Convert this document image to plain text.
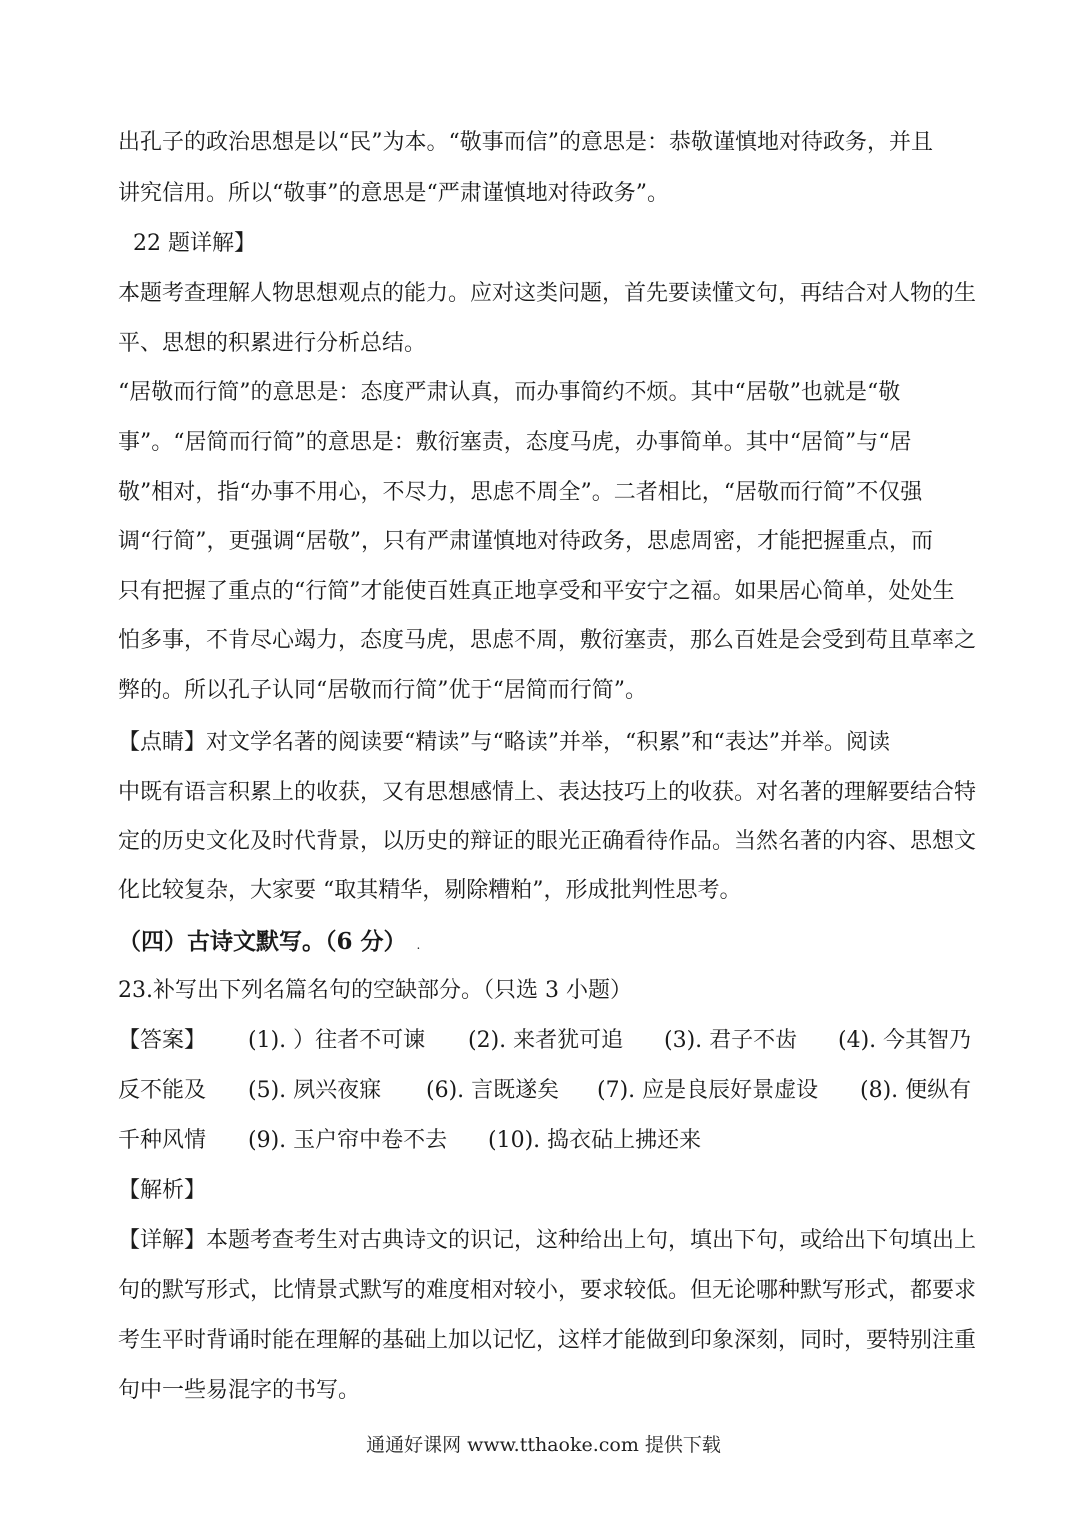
出孔子的政治思想是以“民”为本。“敬事而信”的意思是：恭敬谨慎地对待政务，并且
讲究信用。所以“敬事”的意思是“严肃谨慎地对待政务”。
22 题详解】
本题考查理解人物思想观点的能力。应对这类问题，首先要读懂文句，再结合对人物的生
平、思想的积累进行分析总结。
“居敬而行简”的意思是：态度严肃认真，而办事简约不烦。其中“居敬”也就是“敬
事”。“居简而行简”的意思是：敷衍塞责，态度马虎，办事简单。其中“居简”与“居
敬”相对，指“办事不用心，不尽力，思虑不周全”。二者相比，“居敬而行简”不仅强
调“行简”，更强调“居敬”，只有严肃谨慎地对待政务，思虑周密，才能把握重点，而
只有把握了重点的“行简”才能使百姓真正地享受和平安宁之福。如果居心简单，处处生
怕多事，不肯尽心竭力，态度马虎，思虑不周，敷衍塞责，那么百姓是会受到苟且草率之
弊的。所以孔子认同“居敬而行简”优于“居简而行简”。
【点睛】对文学名著的阅读要“精读”与“略读”并举，“积累”和“表达”并举。阅读
中既有语言积累上的收获，又有思想感情上、表达技巧上的收获。对名著的理解要结合特
定的历史文化及时代背景，以历史的辩证的眼光正确看待作品。当然名著的内容、思想文
化比较复杂，大家要 “取其精华，剔除糟粕”，形成批判性思考。
（四）古诗文默写。（6 分） .
23.补写出下列名篇名句的空缺部分。（只选 3 小题）
【答案】 (1). ）往者不可谏 (2). 来者犹可追 (3). 君子不齿 (4). 今其智乃
反不能及 (5). 夙兴夜寐 (6). 言既遂矣 (7). 应是良辰好景虚设 (8). 便纵有
千种风情 (9). 玉户帘中卷不去 (10). 捣衣砧上拂还来
【解析】
【详解】本题考查考生对古典诗文的识记，这种给出上句，填出下句，或给出下句填出上
句的默写形式，比情景式默写的难度相对较小，要求较低。但无论哪种默写形式，都要求
考生平时背诵时能在理解的基础上加以记忆，这样才能做到印象深刻，同时，要特别注重
句中一些易混字的书写。
通通好课网 www.tthaoke.com 提供下载
